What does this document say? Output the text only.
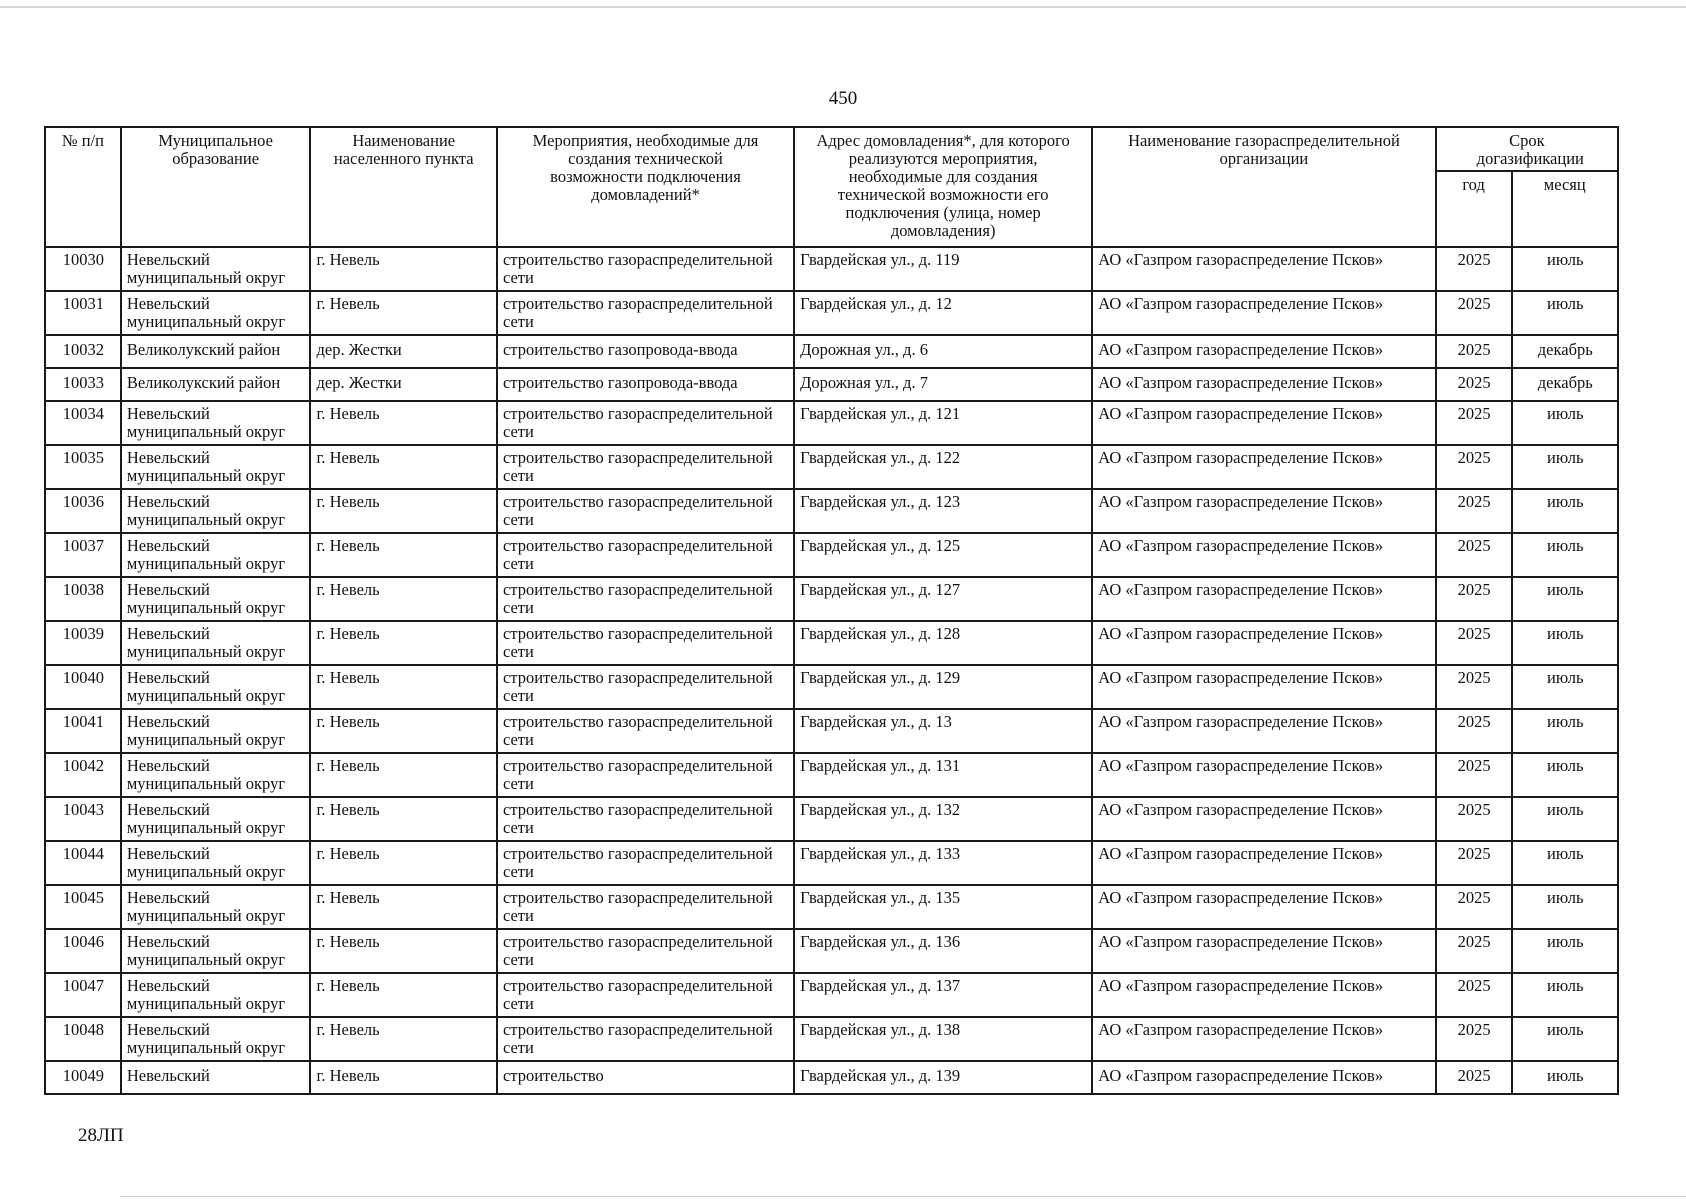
450
№ п/п	Муниципальное образование	Наименование населенного пункта	Мероприятия, необходимые для создания технической возможности подключения домовладений*	Адрес домовладения*, для которого реализуются мероприятия, необходимые для создания технической возможности его подключения (улица, номер домовладения)	Наименование газораспределительной организации	Срок догазификации	
						год	месяц
10030	Невельский муниципальный округ	г. Невель	строительство газораспределительной сети	Гвардейская ул., д. 119	АО «Газпром газораспределение Псков»	2025	июль
10031	Невельский муниципальный округ	г. Невель	строительство газораспределительной сети	Гвардейская ул., д. 12	АО «Газпром газораспределение Псков»	2025	июль
10032	Великолукский район	дер. Жестки	строительство газопровода-ввода	Дорожная ул., д. 6	АО «Газпром газораспределение Псков»	2025	декабрь
10033	Великолукский район	дер. Жестки	строительство газопровода-ввода	Дорожная ул., д. 7	АО «Газпром газораспределение Псков»	2025	декабрь
10034	Невельский муниципальный округ	г. Невель	строительство газораспределительной сети	Гвардейская ул., д. 121	АО «Газпром газораспределение Псков»	2025	июль
10035	Невельский муниципальный округ	г. Невель	строительство газораспределительной сети	Гвардейская ул., д. 122	АО «Газпром газораспределение Псков»	2025	июль
10036	Невельский муниципальный округ	г. Невель	строительство газораспределительной сети	Гвардейская ул., д. 123	АО «Газпром газораспределение Псков»	2025	июль
10037	Невельский муниципальный округ	г. Невель	строительство газораспределительной сети	Гвардейская ул., д. 125	АО «Газпром газораспределение Псков»	2025	июль
10038	Невельский муниципальный округ	г. Невель	строительство газораспределительной сети	Гвардейская ул., д. 127	АО «Газпром газораспределение Псков»	2025	июль
10039	Невельский муниципальный округ	г. Невель	строительство газораспределительной сети	Гвардейская ул., д. 128	АО «Газпром газораспределение Псков»	2025	июль
10040	Невельский муниципальный округ	г. Невель	строительство газораспределительной сети	Гвардейская ул., д. 129	АО «Газпром газораспределение Псков»	2025	июль
10041	Невельский муниципальный округ	г. Невель	строительство газораспределительной сети	Гвардейская ул., д. 13	АО «Газпром газораспределение Псков»	2025	июль
10042	Невельский муниципальный округ	г. Невель	строительство газораспределительной сети	Гвардейская ул., д. 131	АО «Газпром газораспределение Псков»	2025	июль
10043	Невельский муниципальный округ	г. Невель	строительство газораспределительной сети	Гвардейская ул., д. 132	АО «Газпром газораспределение Псков»	2025	июль
10044	Невельский муниципальный округ	г. Невель	строительство газораспределительной сети	Гвардейская ул., д. 133	АО «Газпром газораспределение Псков»	2025	июль
10045	Невельский муниципальный округ	г. Невель	строительство газораспределительной сети	Гвардейская ул., д. 135	АО «Газпром газораспределение Псков»	2025	июль
10046	Невельский муниципальный округ	г. Невель	строительство газораспределительной сети	Гвардейская ул., д. 136	АО «Газпром газораспределение Псков»	2025	июль
10047	Невельский муниципальный округ	г. Невель	строительство газораспределительной сети	Гвардейская ул., д. 137	АО «Газпром газораспределение Псков»	2025	июль
10048	Невельский муниципальный округ	г. Невель	строительство газораспределительной сети	Гвардейская ул., д. 138	АО «Газпром газораспределение Псков»	2025	июль
10049	Невельский	г. Невель	строительство	Гвардейская ул., д. 139	АО «Газпром газораспределение Псков»	2025	июль
28ЛП
